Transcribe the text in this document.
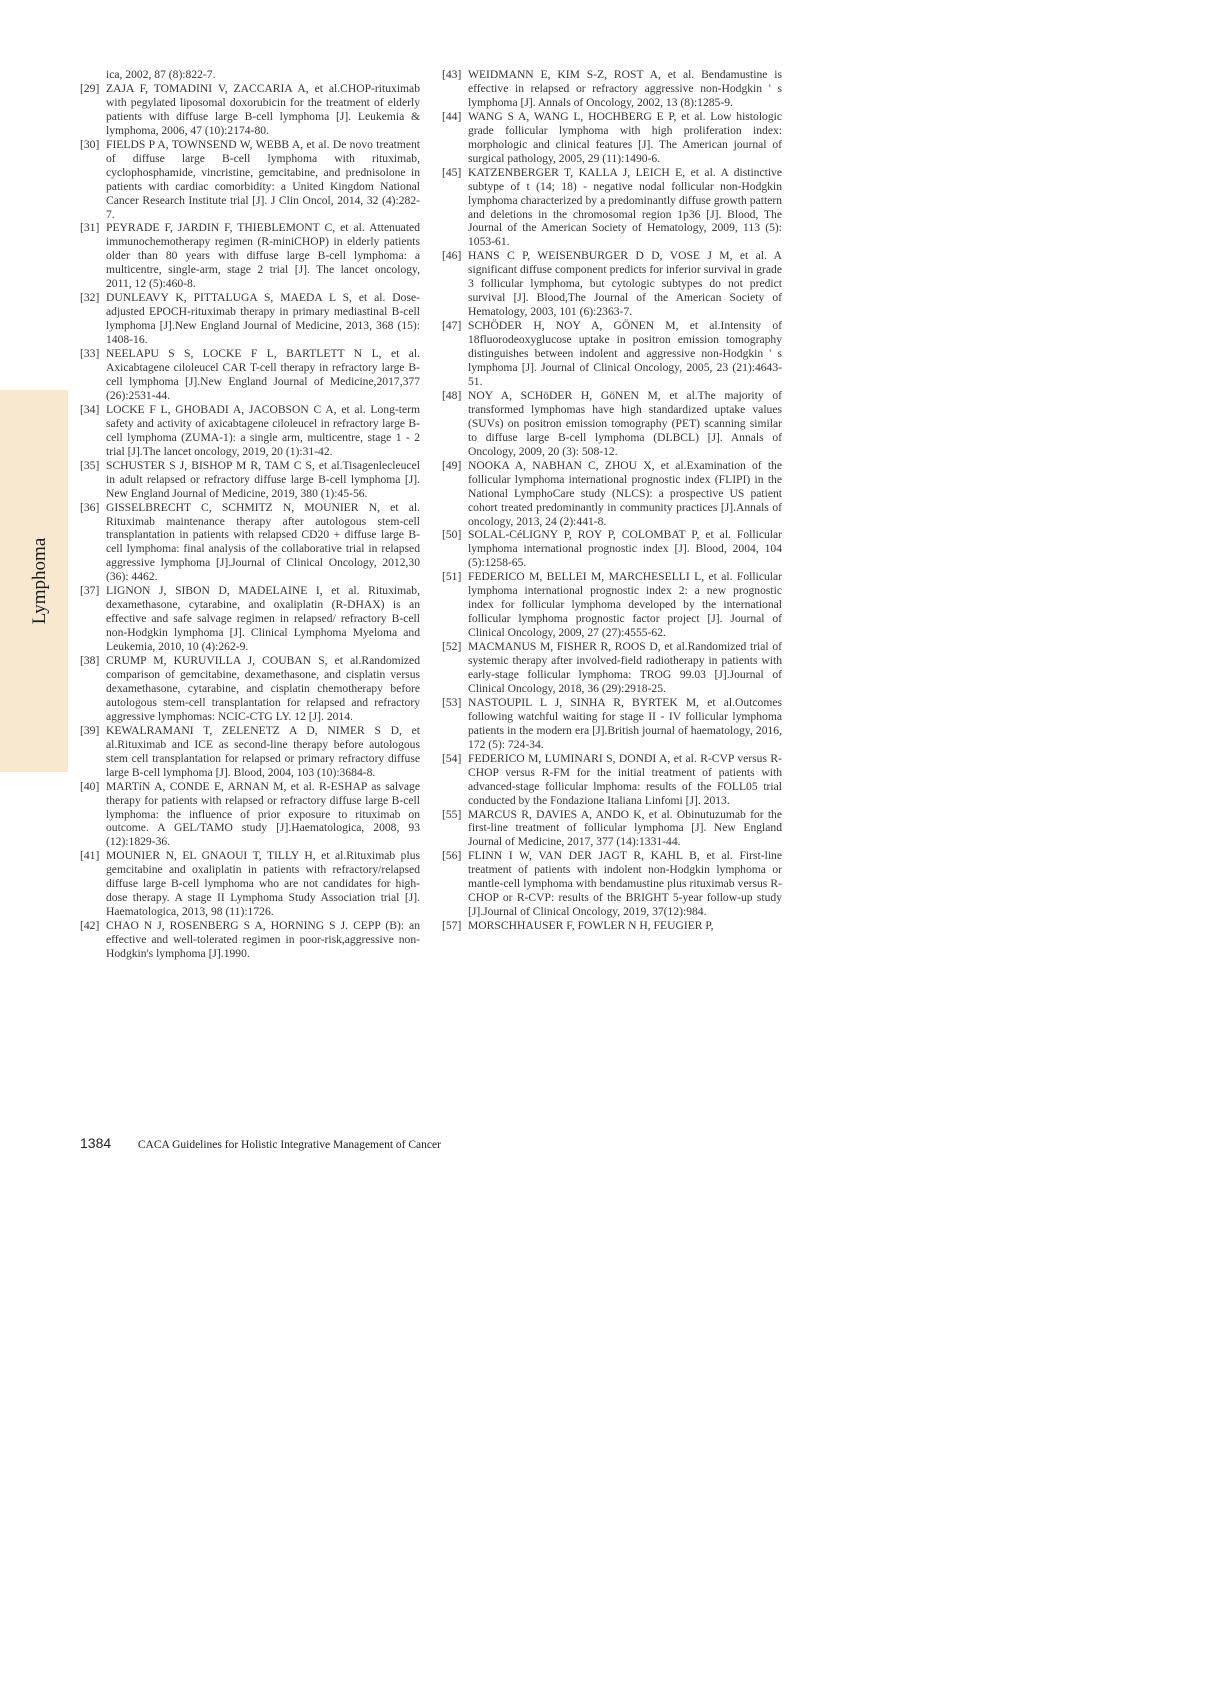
Lymphoma

ica, 2002, 87 (8):822-7.

[29] ZAJA F, TOMADINI V, ZACCARIA A, et al.CHOP-rituximab with pegylated liposomal doxorubicin for the treatment of elderly patients with diffuse large B-cell lymphoma [J]. Leukemia & lymphoma, 2006, 47 (10):2174-80.

[30] FIELDS P A, TOWNSEND W, WEBB A, et al. De novo treatment of diffuse large B-cell lymphoma with rituximab, cyclophosphamide, vincristine, gemcitabine, and prednisolone in patients with cardiac comorbidity: a United Kingdom National Cancer Research Institute trial [J]. J Clin Oncol, 2014, 32 (4):282-7.

[31] PEYRADE F, JARDIN F, THIEBLEMONT C, et al. Attenuated immunochemotherapy regimen (R-miniCHOP) in elderly patients older than 80 years with diffuse large B-cell lymphoma: a multicentre, single-arm, stage 2 trial [J]. The lancet oncology, 2011, 12 (5):460-8.

[32] DUNLEAVY K, PITTALUGA S, MAEDA L S, et al. Dose-adjusted EPOCH-rituximab therapy in primary mediastinal B-cell lymphoma [J].New England Journal of Medicine, 2013, 368 (15): 1408-16.

[33] NEELAPU S S, LOCKE F L, BARTLETT N L, et al. Axicabtagene ciloleucel CAR T-cell therapy in refractory large B-cell lymphoma [J].New England Journal of Medicine,2017,377 (26):2531-44.

[34] LOCKE F L, GHOBADI A, JACOBSON C A, et al. Long-term safety and activity of axicabtagene ciloleucel in refractory large B-cell lymphoma (ZUMA-1): a single arm, multicentre, stage 1 - 2 trial [J].The lancet oncology, 2019, 20 (1):31-42.

[35] SCHUSTER S J, BISHOP M R, TAM C S, et al.Tisagenlecleucel in adult relapsed or refractory diffuse large B-cell lymphoma [J]. New England Journal of Medicine, 2019, 380 (1):45-56.

[36] GISSELBRECHT C, SCHMITZ N, MOUNIER N, et al. Rituximab maintenance therapy after autologous stem-cell transplantation in patients with relapsed CD20 + diffuse large B-cell lymphoma: final analysis of the collaborative trial in relapsed aggressive lymphoma [J].Journal of Clinical Oncology, 2012,30 (36): 4462.

[37] LIGNON J, SIBON D, MADELAINE I, et al. Rituximab, dexamethasone, cytarabine, and oxaliplatin (R-DHAX) is an effective and safe salvage regimen in relapsed/ refractory B-cell non-Hodgkin lymphoma [J]. Clinical Lymphoma Myeloma and Leukemia, 2010, 10 (4):262-9.

[38] CRUMP M, KURUVILLA J, COUBAN S, et al.Randomized comparison of gemcitabine, dexamethasone, and cisplatin versus dexamethasone, cytarabine, and cisplatin chemotherapy before autologous stem-cell transplantation for relapsed and refractory aggressive lymphomas: NCIC-CTG LY. 12 [J]. 2014.

[39] KEWALRAMANI T, ZELENETZ A D, NIMER S D, et al.Rituximab and ICE as second-line therapy before autologous stem cell transplantation for relapsed or primary refractory diffuse large B-cell lymphoma [J]. Blood, 2004, 103 (10):3684-8.

[40] MARTíN A, CONDE E, ARNAN M, et al. R-ESHAP as salvage therapy for patients with relapsed or refractory diffuse large B-cell lymphoma: the influence of prior exposure to rituximab on outcome. A GEL/TAMO study [J].Haematologica, 2008, 93 (12):1829-36.

[41] MOUNIER N, EL GNAOUI T, TILLY H, et al.Rituximab plus gemcitabine and oxaliplatin in patients with refractory/relapsed diffuse large B-cell lymphoma who are not candidates for high-dose therapy. A stage II Lymphoma Study Association trial [J]. Haematologica, 2013, 98 (11):1726.

[42] CHAO N J, ROSENBERG S A, HORNING S J. CEPP (B): an effective and well-tolerated regimen in poor-risk,aggressive non-Hodgkin's lymphoma [J].1990.

[43] WEIDMANN E, KIM S-Z, ROST A, et al. Bendamustine is effective in relapsed or refractory aggressive non-Hodgkin ' s lymphoma [J]. Annals of Oncology, 2002, 13 (8):1285-9.

[44] WANG S A, WANG L, HOCHBERG E P, et al. Low histologic grade follicular lymphoma with high proliferation index: morphologic and clinical features [J]. The American journal of surgical pathology, 2005, 29 (11):1490-6.

[45] KATZENBERGER T, KALLA J, LEICH E, et al. A distinctive subtype of t (14; 18) - negative nodal follicular non-Hodgkin lymphoma characterized by a predominantly diffuse growth pattern and deletions in the chromosomal region 1p36 [J]. Blood, The Journal of the American Society of Hematology, 2009, 113 (5): 1053-61.

[46] HANS C P, WEISENBURGER D D, VOSE J M, et al. A significant diffuse component predicts for inferior survival in grade 3 follicular lymphoma, but cytologic subtypes do not predict survival [J]. Blood,The Journal of the American Society of Hematology, 2003, 101 (6):2363-7.

[47] SCHÖDER H, NOY A, GÖNEN M, et al.Intensity of 18fluorodeoxyglucose uptake in positron emission tomography distinguishes between indolent and aggressive non-Hodgkin ' s lymphoma [J]. Journal of Clinical Oncology, 2005, 23 (21):4643-51.

[48] NOY A, SCHöDER H, GöNEN M, et al.The majority of transformed lymphomas have high standardized uptake values (SUVs) on positron emission tomography (PET) scanning similar to diffuse large B-cell lymphoma (DLBCL) [J]. Annals of Oncology, 2009, 20 (3): 508-12.

[49] NOOKA A, NABHAN C, ZHOU X, et al.Examination of the follicular lymphoma international prognostic index (FLIPI) in the National LymphoCare study (NLCS): a prospective US patient cohort treated predominantly in community practices [J].Annals of oncology, 2013, 24 (2):441-8.

[50] SOLAL-CéLIGNY P, ROY P, COLOMBAT P, et al. Follicular lymphoma international prognostic index [J]. Blood, 2004, 104 (5):1258-65.

[51] FEDERICO M, BELLEI M, MARCHESELLI L, et al. Follicular lymphoma international prognostic index 2: a new prognostic index for follicular lymphoma developed by the international follicular lymphoma prognostic factor project [J]. Journal of Clinical Oncology, 2009, 27 (27):4555-62.

[52] MACMANUS M, FISHER R, ROOS D, et al.Randomized trial of systemic therapy after involved-field radiotherapy in patients with early-stage follicular lymphoma: TROG 99.03 [J].Journal of Clinical Oncology, 2018, 36 (29):2918-25.

[53] NASTOUPIL L J, SINHA R, BYRTEK M, et al.Outcomes following watchful waiting for stage II - IV follicular lymphoma patients in the modern era [J].British journal of haematology, 2016, 172 (5): 724-34.

[54] FEDERICO M, LUMINARI S, DONDI A, et al. R-CVP versus R-CHOP versus R-FM for the initial treatment of patients with advanced-stage follicular lmphoma: results of the FOLL05 trial conducted by the Fondazione Italiana Linfomi [J]. 2013.

[55] MARCUS R, DAVIES A, ANDO K, et al. Obinutuzumab for the first-line treatment of follicular lymphoma [J]. New England Journal of Medicine, 2017, 377 (14):1331-44.

[56] FLINN I W, VAN DER JAGT R, KAHL B, et al. First-line treatment of patients with indolent non-Hodgkin lymphoma or mantle-cell lymphoma with bendamustine plus rituximab versus R-CHOP or R-CVP: results of the BRIGHT 5-year follow-up study [J].Journal of Clinical Oncology, 2019, 37(12):984.

[57] MORSCHHAUSER F, FOWLER N H, FEUGIER P,

1384 CACA Guidelines for Holistic Integrative Management of Cancer
